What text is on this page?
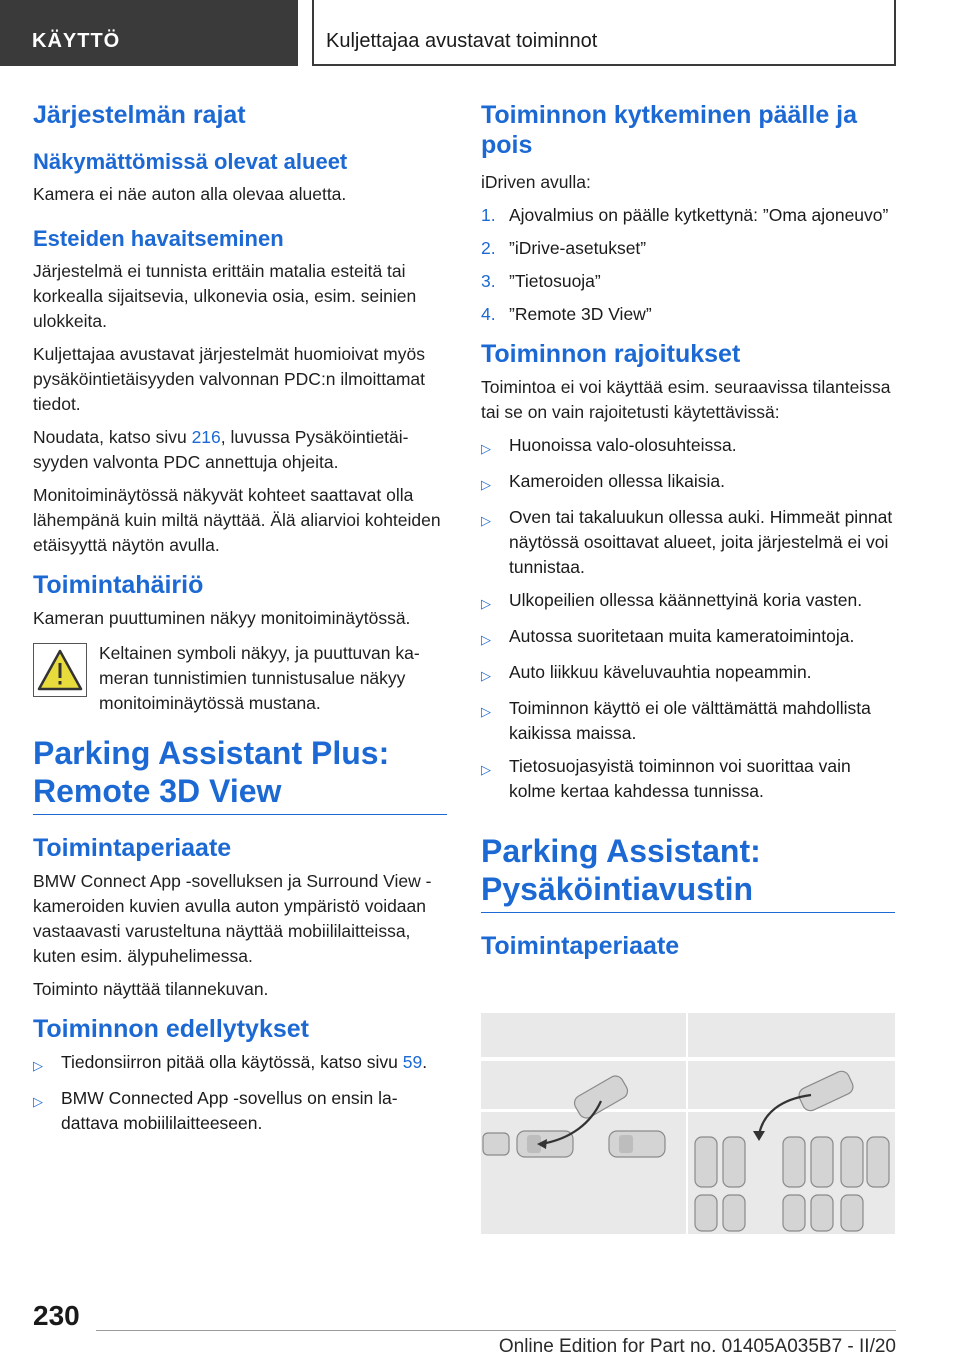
KÄYTTÖ	Kuljettajaa avustavat toiminnot
Järjestelmän rajat
Näkymättömissä olevat alueet

Kamera ei näe auton alla olevaa aluetta.

Esteiden havaitseminen

Järjestelmä ei tunnista erittäin matalia esteitä tai korkealla sijaitsevia, ulkonevia osia, esim. seinien ulokkeita.

Kuljettajaa avustavat järjestelmät huomioivat myös pysäköintietäisyyden valvonnan PDC:n ilmoittamat tiedot.

Noudata, katso sivu 216, luvussa Pysäköintietäisyyden valvonta PDC annettuja ohjeita.

Monitoiminäytössä näkyvät kohteet saattavat olla lähempänä kuin miltä näyttää. Älä aliarvioi kohteiden etäisyyttä näytön avulla.

Toimintahäiriö

Kameran puuttuminen näkyy monitoiminäytössä.

Keltainen symboli näkyy, ja puuttuvan kameran tunnistimien tunnistusalue näkyy monitoiminäytössä mustana.

Parking Assistant Plus: Remote 3D View
Toimintaperiaate

BMW Connect App -sovelluksen ja Surround View -kameroiden kuvien avulla auton ympäristö voidaan vastaavasti varusteltuna näyttää mobiililaitteissa, kuten esim. älypuhelimessa.

Toiminto näyttää tilannekuvan.

Toiminnon edellytykset
▷	Tiedonsiirron pitää olla käytössä, katso sivu 59.
▷	BMW Connected App -sovellus on ensin ladattava mobiililaitteeseen.
Toiminnon kytkeminen päälle ja pois

iDriven avulla:

1. Ajovalmius on päälle kytkettynä: ”Oma ajoneuvo”
2. ”iDrive-asetukset”
3. ”Tietosuoja”
4. ”Remote 3D View”
Toiminnon rajoitukset

Toimintoa ei voi käyttää esim. seuraavissa tilanteissa tai se on vain rajoitetusti käytettävissä:

▷	Huonoissa valo-olosuhteissa.
▷	Kameroiden ollessa likaisia.
▷	Oven tai takaluukun ollessa auki. Himmeät pinnat näytössä osoittavat alueet, joita järjestelmä ei voi tunnistaa.
▷	Ulkopeilien ollessa käännettyinä koria vasten.
▷	Autossa suoritetaan muita kameratoimintoja.
▷	Auto liikkuu käveluvauhtia nopeammin.
▷	Toiminnon käyttö ei ole välttämättä mahdollista kaikissa maissa.
▷	Tietosuojasyistä toiminnon voi suorittaa vain kolme kertaa kahdessa tunnissa.
Parking Assistant: Pysäköintiavustin
Toimintaperiaate
230
Online Edition for Part no. 01405A035B7 - II/20
